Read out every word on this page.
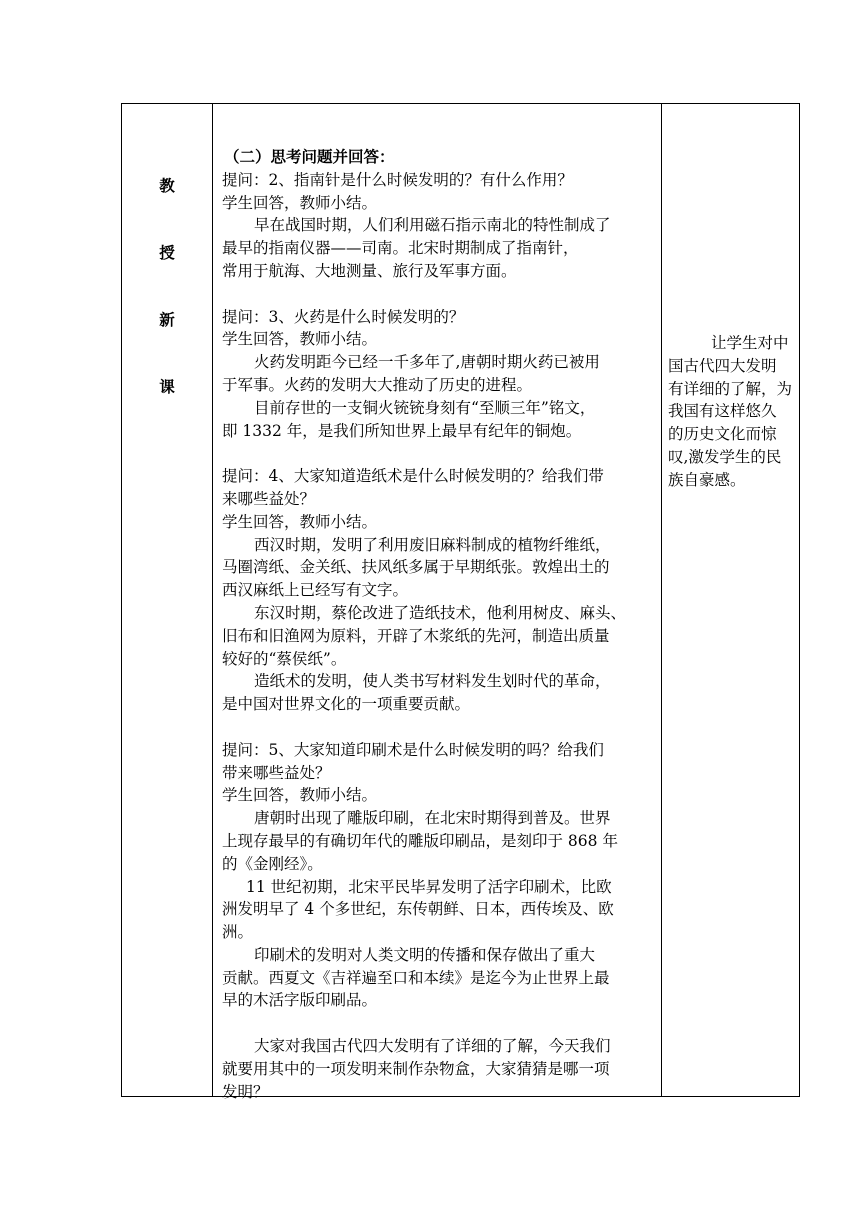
教
授
新
课

（二）思考问题并回答：

提问：2、指南针是什么时候发明的？有什么作用？

学生回答，教师小结。

早在战国时期，人们利用磁石指示南北的特性制成了

最早的指南仪器——司南。北宋时期制成了指南针，

常用于航海、大地测量、旅行及军事方面。

提问：3、火药是什么时候发明的？

学生回答，教师小结。

火药发明距今已经一千多年了,唐朝时期火药已被用

于军事。火药的发明大大推动了历史的进程。

目前存世的一支铜火铳铳身刻有“至顺三年”铭文，

即 1332 年，是我们所知世界上最早有纪年的铜炮。

提问：4、大家知道造纸术是什么时候发明的？给我们带

来哪些益处？

学生回答，教师小结。

西汉时期，发明了利用废旧麻料制成的植物纤维纸，

马圈湾纸、金关纸、扶风纸多属于早期纸张。敦煌出土的

西汉麻纸上已经写有文字。

东汉时期，蔡伦改进了造纸技术，他利用树皮、麻头、

旧布和旧渔网为原料，开辟了木浆纸的先河，制造出质量

较好的“蔡侯纸”。

造纸术的发明，使人类书写材料发生划时代的革命，

是中国对世界文化的一项重要贡献。

提问：5、大家知道印刷术是什么时候发明的吗？给我们

带来哪些益处？

学生回答，教师小结。

唐朝时出现了雕版印刷，在北宋时期得到普及。世界

上现存最早的有确切年代的雕版印刷品，是刻印于 868 年

的《金刚经》。

11 世纪初期，北宋平民毕昇发明了活字印刷术，比欧

洲发明早了 4 个多世纪，东传朝鲜、日本，西传埃及、欧

洲。

印刷术的发明对人类文明的传播和保存做出了重大

贡献。西夏文《吉祥遍至口和本续》是迄今为止世界上最

早的木活字版印刷品。

大家对我国古代四大发明有了详细的了解，今天我们

就要用其中的一项发明来制作杂物盒，大家猜猜是哪一项

发明？

让学生对中

国古代四大发明

有详细的了解，为

我国有这样悠久

的历史文化而惊

叹,激发学生的民

族自豪感。
